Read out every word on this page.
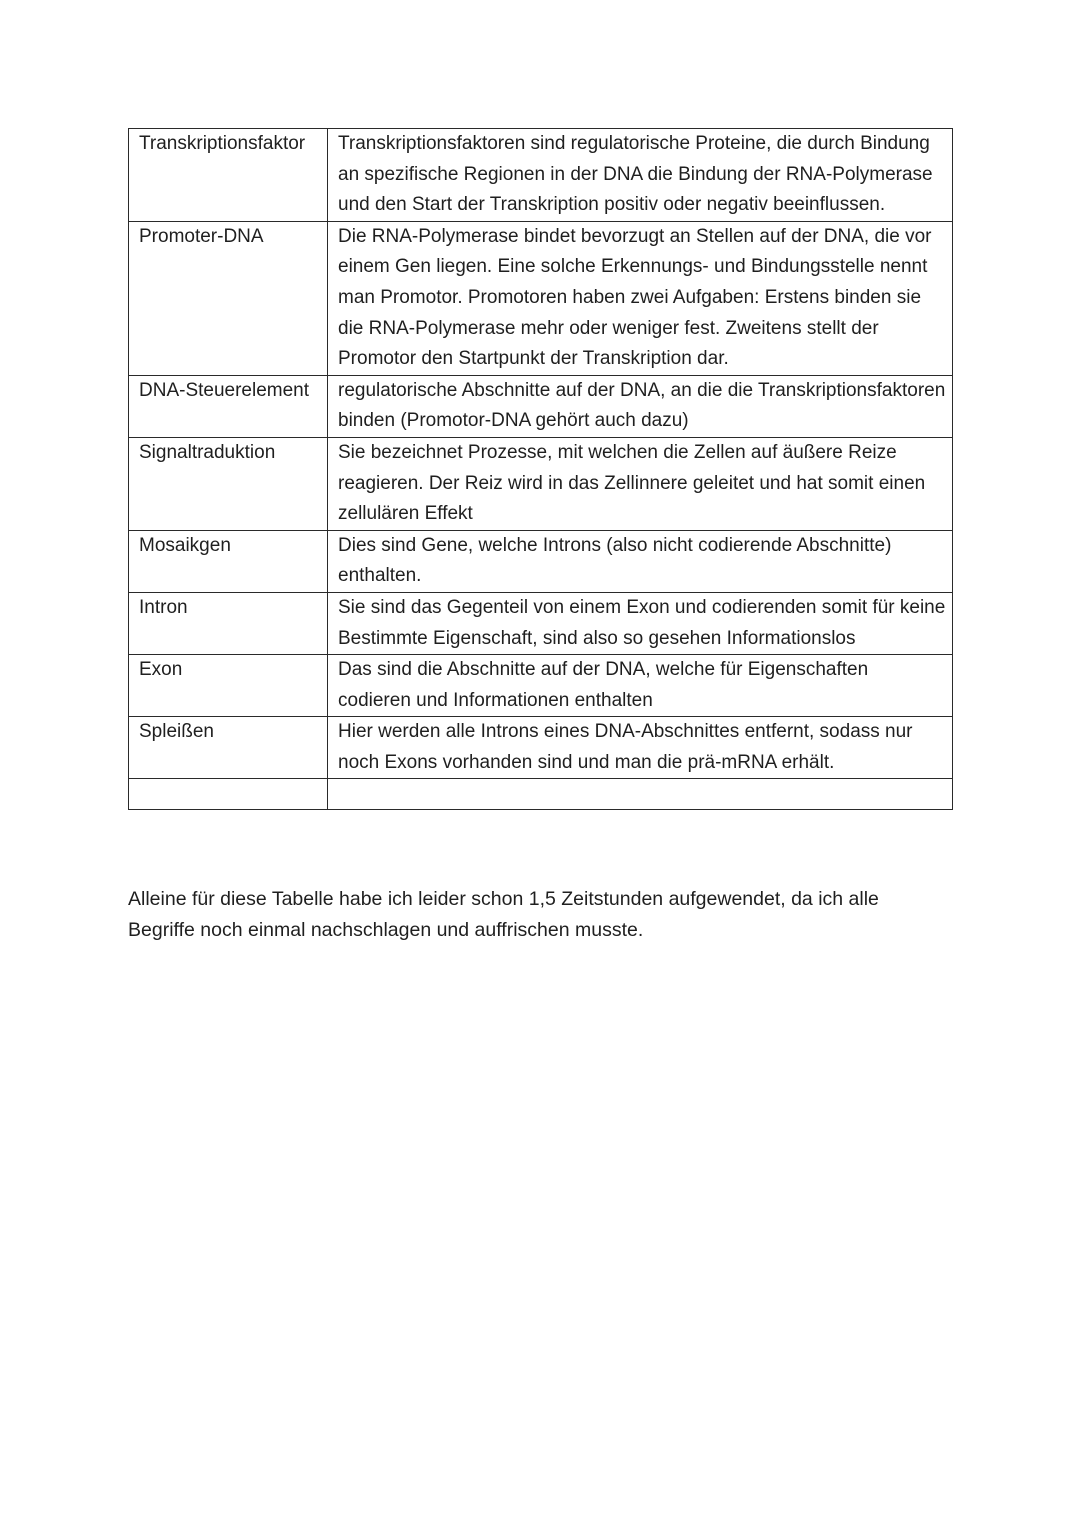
Transkriptionsfaktor	Transkriptionsfaktoren sind regulatorische Proteine, die durch Bindung an spezifische Regionen in der DNA die Bindung der RNA-Polymerase und den Start der Transkription positiv oder negativ beeinflussen.
Promoter-DNA	Die RNA-Polymerase bindet bevorzugt an Stellen auf der DNA, die vor einem Gen liegen. Eine solche Erkennungs- und Bindungsstelle nennt man Promotor. Promotoren haben zwei Aufgaben: Erstens binden sie die RNA-Polymerase mehr oder weniger fest. Zweitens stellt der Promotor den Startpunkt der Transkription dar.
DNA-Steuerelement	regulatorische Abschnitte auf der DNA, an die die Transkriptionsfaktoren binden (Promotor-DNA gehört auch dazu)
Signaltraduktion	Sie bezeichnet Prozesse, mit welchen die Zellen auf äußere Reize reagieren. Der Reiz wird in das Zellinnere geleitet und hat somit einen zellulären Effekt
Mosaikgen	Dies sind Gene, welche Introns (also nicht codierende Abschnitte) enthalten.
Intron	Sie sind das Gegenteil von einem Exon und codierenden somit für keine Bestimmte Eigenschaft, sind also so gesehen Informationslos
Exon	Das sind die Abschnitte auf der DNA, welche für Eigenschaften codieren und Informationen enthalten
Spleißen	Hier werden alle Introns eines DNA-Abschnittes entfernt, sodass nur noch Exons vorhanden sind und man die prä-mRNA erhält.

Alleine für diese Tabelle habe ich leider schon 1,5 Zeitstunden aufgewendet, da ich alle Begriffe noch einmal nachschlagen und auffrischen musste.
